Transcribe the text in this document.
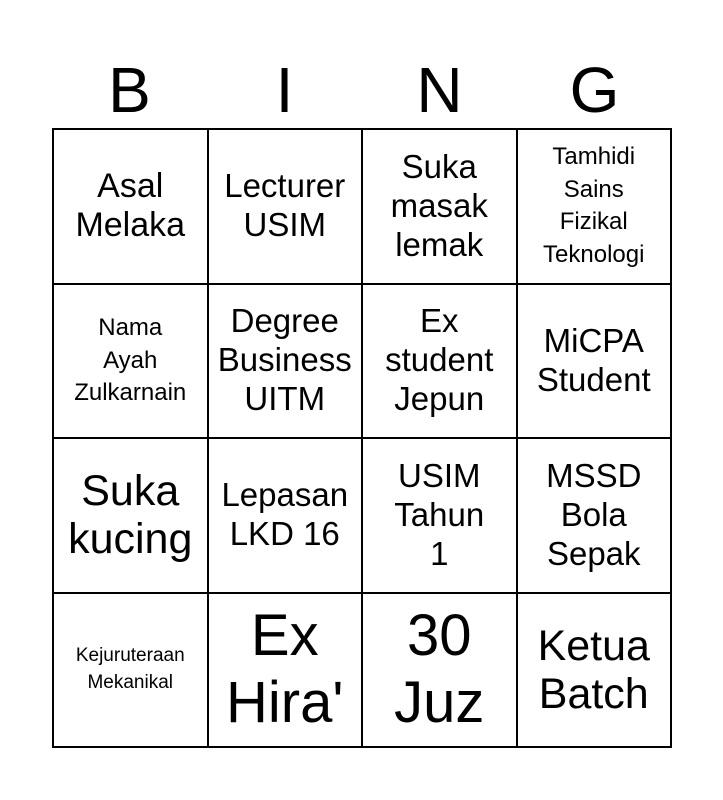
B	I	N	G
Asal
Melaka
Lecturer
USIM
Suka
masak
lemak
Tamhidi
Sains
Fizikal
Teknologi
Nama
Ayah
Zulkarnain
Degree
Business
UITM
Ex
student
Jepun
MiCPA
Student
Suka
kucing
Lepasan
LKD 16
USIM
Tahun
1
MSSD
Bola
Sepak
Kejuruteraan
Mekanikal
Ex
Hira'
30
Juz
Ketua
Batch
